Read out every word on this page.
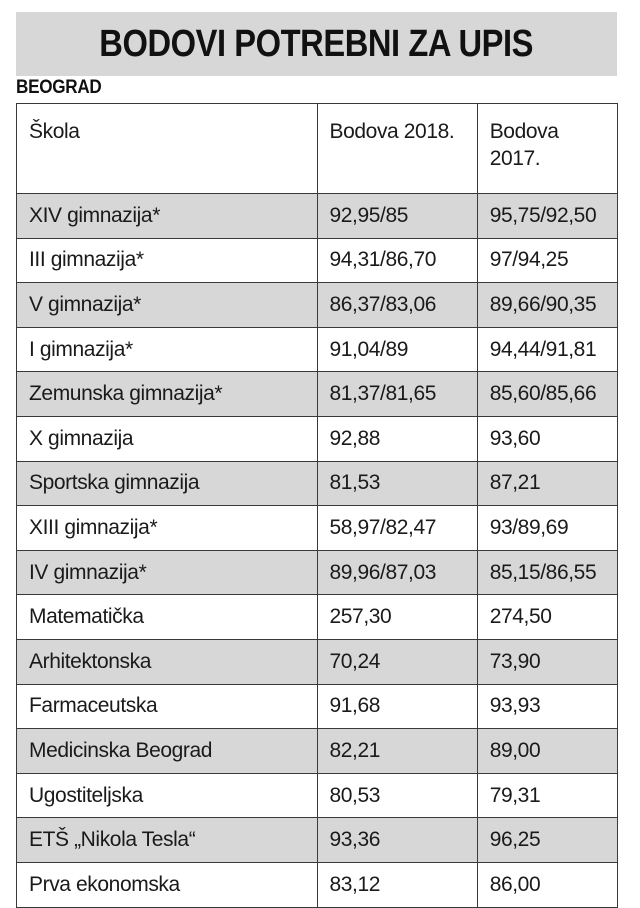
BODOVI POTREBNI ZA UPIS
BEOGRAD
Škola	Bodova 2018.	Bodova 2017.
XIV gimnazija*	92,95/85	95,75/92,50
III gimnazija*	94,31/86,70	97/94,25
V gimnazija*	86,37/83,06	89,66/90,35
I gimnazija*	91,04/89	94,44/91,81
Zemunska gimnazija*	81,37/81,65	85,60/85,66
X gimnazija	92,88	93,60
Sportska gimnazija	81,53	87,21
XIII gimnazija*	58,97/82,47	93/89,69
IV gimnazija*	89,96/87,03	85,15/86,55
Matematička	257,30	274,50
Arhitektonska	70,24	73,90
Farmaceutska	91,68	93,93
Medicinska Beograd	82,21	89,00
Ugostiteljska	80,53	79,31
ETŠ „Nikola Tesla“	93,36	96,25
Prva ekonomska	83,12	86,00
